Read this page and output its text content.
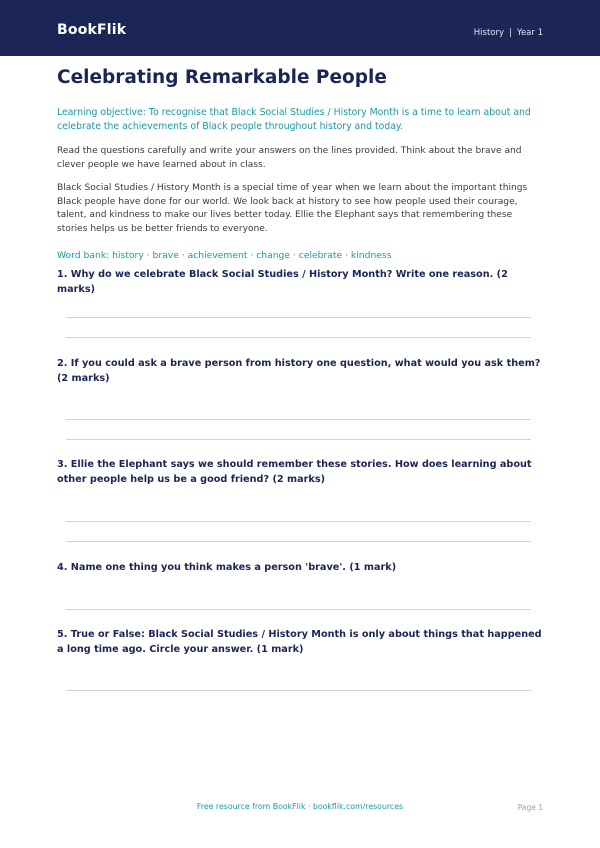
BookFlik	History | Year 1
Celebrating Remarkable People
Learning objective: To recognise that Black Social Studies / History Month is a time to learn about and celebrate the achievements of Black people throughout history and today.
Read the questions carefully and write your answers on the lines provided. Think about the brave and clever people we have learned about in class.
Black Social Studies / History Month is a special time of year when we learn about the important things Black people have done for our world. We look back at history to see how people used their courage, talent, and kindness to make our lives better today. Ellie the Elephant says that remembering these stories helps us be better friends to everyone.
Word bank: history · brave · achievement · change · celebrate · kindness
1. Why do we celebrate Black Social Studies / History Month? Write one reason. (2 marks)
2. If you could ask a brave person from history one question, what would you ask them? (2 marks)
3. Ellie the Elephant says we should remember these stories. How does learning about other people help us be a good friend? (2 marks)
4. Name one thing you think makes a person 'brave'. (1 mark)
5. True or False: Black Social Studies / History Month is only about things that happened a long time ago. Circle your answer. (1 mark)
Free resource from BookFlik · bookflik.com/resources	Page 1
